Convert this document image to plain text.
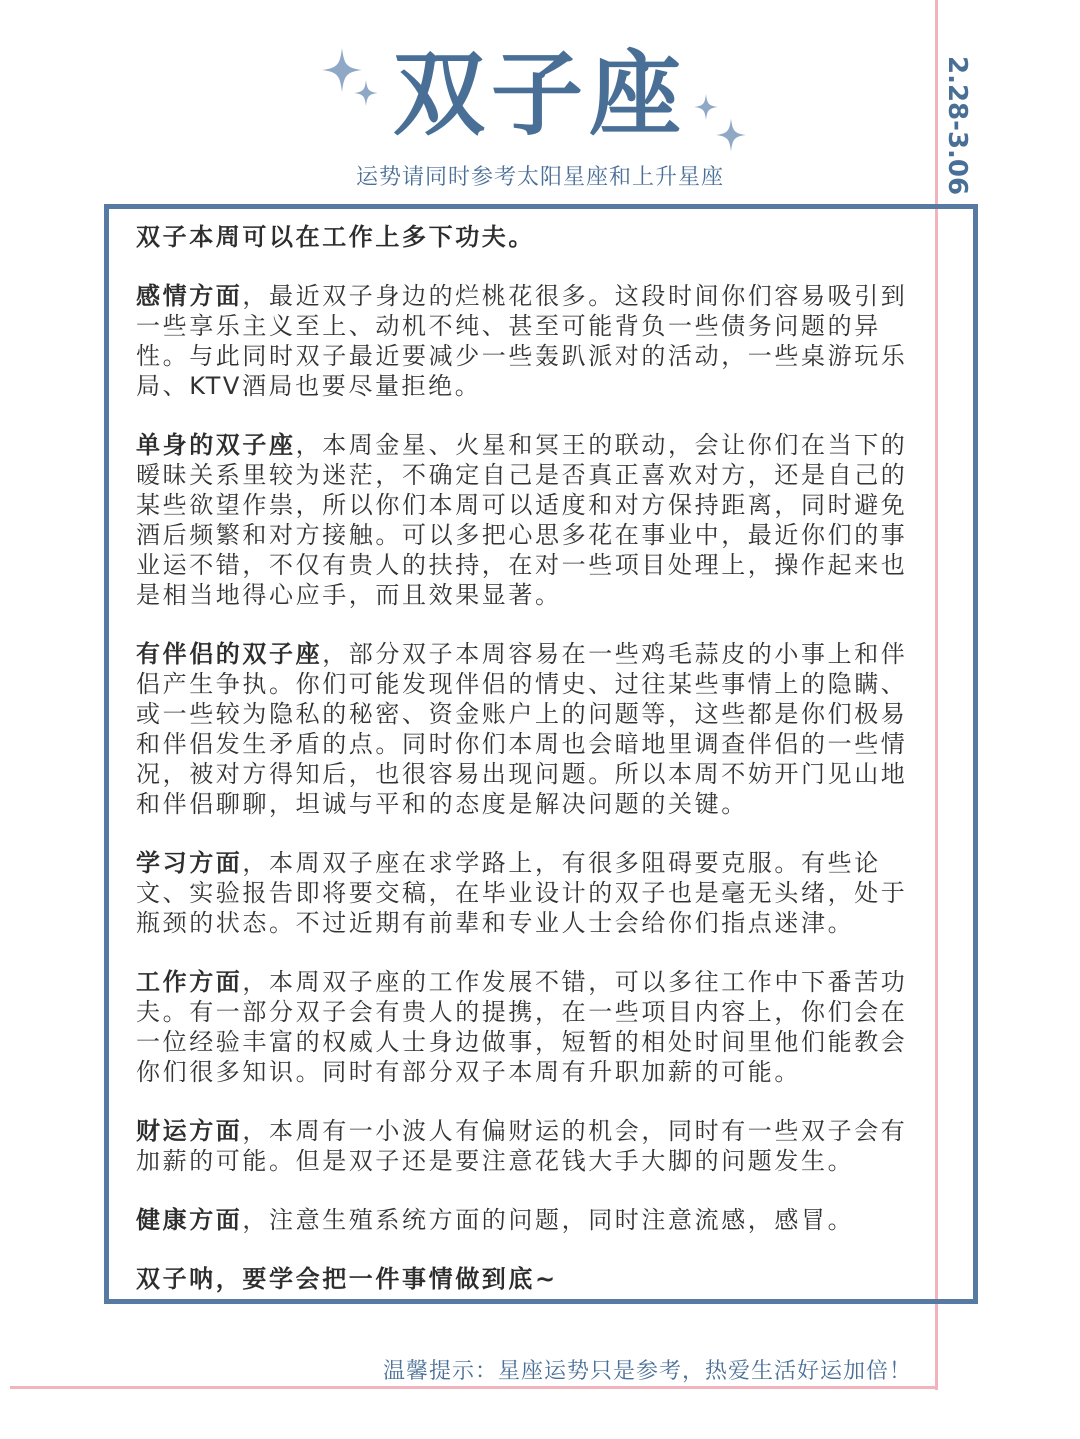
双子座	2.28-3.06
运势请同时参考太阳星座和上升星座

双子本周可以在工作上多下功夫。

感情方面，最近双子身边的烂桃花很多。这段时间你们容易吸引到一些享乐主义至上、动机不纯、甚至可能背负一些债务问题的异性。与此同时双子最近要减少一些轰趴派对的活动，一些桌游玩乐局、KTV酒局也要尽量拒绝。

单身的双子座，本周金星、火星和冥王的联动，会让你们在当下的暧昧关系里较为迷茫，不确定自己是否真正喜欢对方，还是自己的某些欲望作祟，所以你们本周可以适度和对方保持距离，同时避免酒后频繁和对方接触。可以多把心思多花在事业中，最近你们的事业运不错，不仅有贵人的扶持，在对一些项目处理上，操作起来也是相当地得心应手，而且效果显著。

有伴侣的双子座，部分双子本周容易在一些鸡毛蒜皮的小事上和伴侣产生争执。你们可能发现伴侣的情史、过往某些事情上的隐瞒、或一些较为隐私的秘密、资金账户上的问题等，这些都是你们极易和伴侣发生矛盾的点。同时你们本周也会暗地里调查伴侣的一些情况，被对方得知后，也很容易出现问题。所以本周不妨开门见山地和伴侣聊聊，坦诚与平和的态度是解决问题的关键。

学习方面，本周双子座在求学路上，有很多阻碍要克服。有些论文、实验报告即将要交稿，在毕业设计的双子也是毫无头绪，处于瓶颈的状态。不过近期有前辈和专业人士会给你们指点迷津。

工作方面，本周双子座的工作发展不错，可以多往工作中下番苦功夫。有一部分双子会有贵人的提携，在一些项目内容上，你们会在一位经验丰富的权威人士身边做事，短暂的相处时间里他们能教会你们很多知识。同时有部分双子本周有升职加薪的可能。

财运方面，本周有一小波人有偏财运的机会，同时有一些双子会有加薪的可能。但是双子还是要注意花钱大手大脚的问题发生。

健康方面，注意生殖系统方面的问题，同时注意流感，感冒。

双子呐，要学会把一件事情做到底~

温馨提示：星座运势只是参考，热爱生活好运加倍！
